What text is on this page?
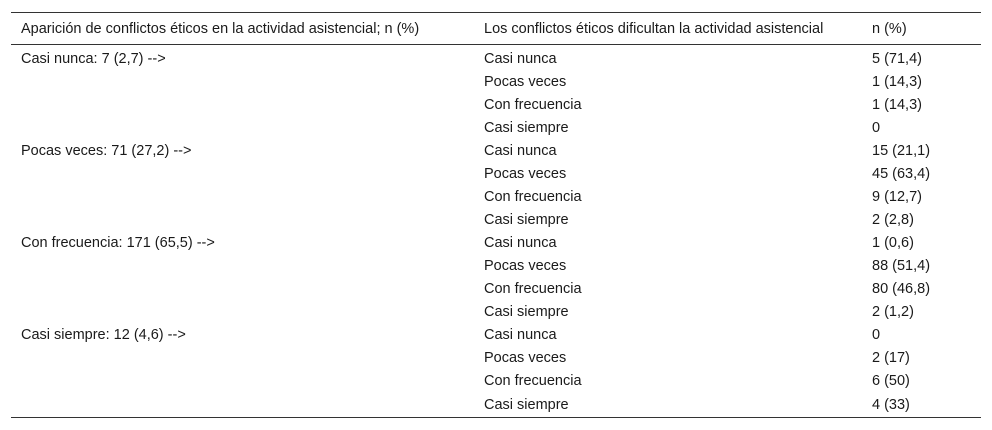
Aparición de conflictos éticos en la actividad asistencial; n (%)	Los conflictos éticos dificultan la actividad asistencial	n (%)
Casi nunca: 7 (2,7) -->	Casi nunca	5 (71,4)
	Pocas veces	1 (14,3)
	Con frecuencia	1 (14,3)
	Casi siempre	0
Pocas veces: 71 (27,2) -->	Casi nunca	15 (21,1)
	Pocas veces	45 (63,4)
	Con frecuencia	9 (12,7)
	Casi siempre	2 (2,8)
Con frecuencia: 171 (65,5) -->	Casi nunca	1 (0,6)
	Pocas veces	88 (51,4)
	Con frecuencia	80 (46,8)
	Casi siempre	2 (1,2)
Casi siempre: 12 (4,6) -->	Casi nunca	0
	Pocas veces	2 (17)
	Con frecuencia	6 (50)
	Casi siempre	4 (33)
